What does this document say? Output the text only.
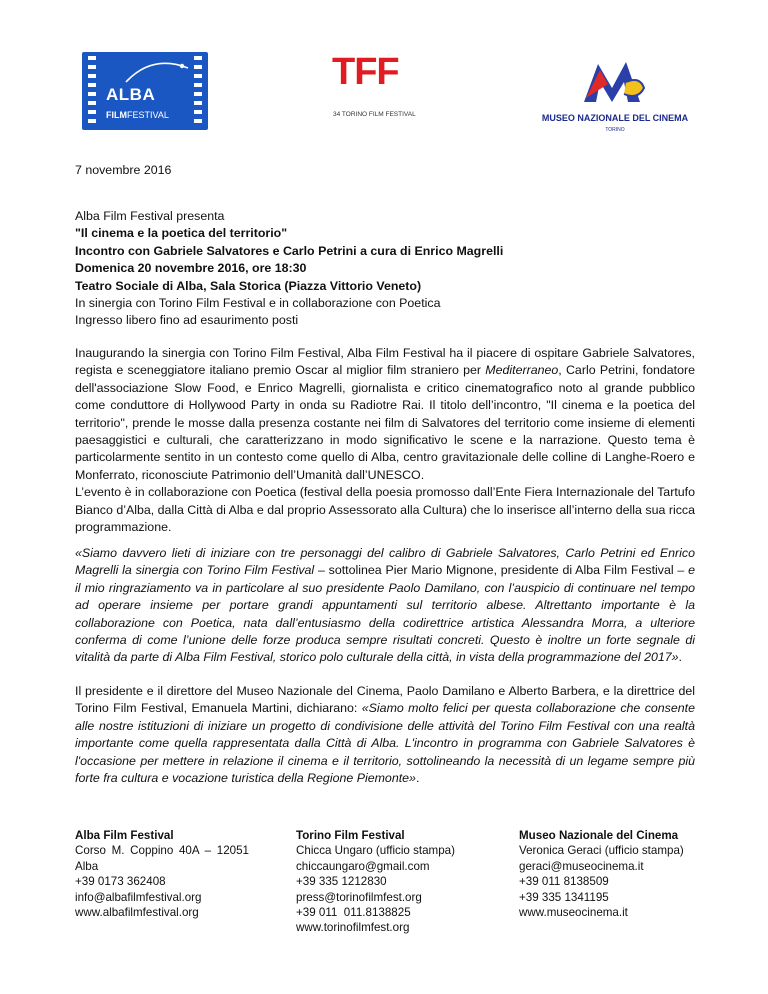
ALBA
FILMFESTIVAL
TFF
34 TORINO FILM FESTIVAL	MUSEO NAZIONALE DEL CINEMA
TORINO

7 novembre 2016

Alba Film Festival presenta

"Il cinema e la poetica del territorio"

Incontro con Gabriele Salvatores e Carlo Petrini a cura di Enrico Magrelli

Domenica 20 novembre 2016, ore 18:30

Teatro Sociale di Alba, Sala Storica (Piazza Vittorio Veneto)

In sinergia con Torino Film Festival e in collaborazione con Poetica

Ingresso libero fino ad esaurimento posti

Inaugurando la sinergia con Torino Film Festival, Alba Film Festival ha il piacere di ospitare Gabriele Salvatores, regista e sceneggiatore italiano premio Oscar al miglior film straniero per Mediterraneo, Carlo Petrini, fondatore dell'associazione Slow Food, e Enrico Magrelli, giornalista e critico cinematografico noto al grande pubblico come conduttore di Hollywood Party in onda su Radiotre Rai. Il titolo dell’incontro, "Il cinema e la poetica del territorio", prende le mosse dalla presenza costante nei film di Salvatores del territorio come insieme di elementi paesaggistici e culturali, che caratterizzano in modo significativo le scene e la narrazione. Questo tema è particolarmente sentito in un contesto come quello di Alba, centro gravitazionale delle colline di Langhe-Roero e Monferrato, riconosciute Patrimonio dell’Umanità dall’UNESCO.

L’evento è in collaborazione con Poetica (festival della poesia promosso dall’Ente Fiera Internazionale del Tartufo Bianco d’Alba, dalla Città di Alba e dal proprio Assessorato alla Cultura) che lo inserisce all’interno della sua ricca programmazione.

«Siamo davvero lieti di iniziare con tre personaggi del calibro di Gabriele Salvatores, Carlo Petrini ed Enrico Magrelli la sinergia con Torino Film Festival – sottolinea Pier Mario Mignone, presidente di Alba Film Festival – e il mio ringraziamento va in particolare al suo presidente Paolo Damilano, con l’auspicio di continuare nel tempo ad operare insieme per portare grandi appuntamenti sul territorio albese. Altrettanto importante è la collaborazione con Poetica, nata dall’entusiasmo della codirettrice artistica Alessandra Morra, a ulteriore conferma di come l’unione delle forze produca sempre risultati concreti. Questo è inoltre un forte segnale di vitalità da parte di Alba Film Festival, storico polo culturale della città, in vista della programmazione del 2017».

Il presidente e il direttore del Museo Nazionale del Cinema, Paolo Damilano e Alberto Barbera, e la direttrice del Torino Film Festival, Emanuela Martini, dichiarano: «Siamo molto felici per questa collaborazione che consente alle nostre istituzioni di iniziare un progetto di condivisione delle attività del Torino Film Festival con una realtà importante come quella rappresentata dalla Città di Alba. L'incontro in programma con Gabriele Salvatores è l'occasione per mettere in relazione il cinema e il territorio, sottolineando la necessità di un legame sempre più forte fra cultura e vocazione turistica della Regione Piemonte».

Alba Film Festival
Corso M. Coppino 40A – 12051
Alba
+39 0173 362408
info@albafilmfestival.org
www.albafilmfestival.org
Torino Film Festival
Chicca Ungaro (ufficio stampa)
chiccaungaro@gmail.com
+39 335 1212830
press@torinofilmfest.org
+39 011  011.8138825
www.torinofilmfest.org
Museo Nazionale del Cinema
Veronica Geraci (ufficio stampa)
geraci@museocinema.it
+39 011 8138509
+39 335 1341195
www.museocinema.it
